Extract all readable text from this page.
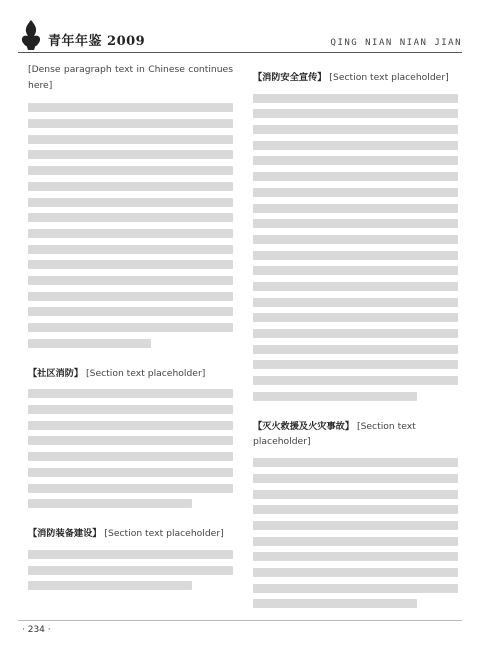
青年年鉴 2009	QING NIAN NIAN JIAN

[Dense paragraph text in Chinese continues here]

【社区消防】 [Section text placeholder]
【消防装备建设】 [Section text placeholder]
【消防安全宣传】 [Section text placeholder]
【灭火救援及火灾事故】 [Section text placeholder]
· 234 ·
